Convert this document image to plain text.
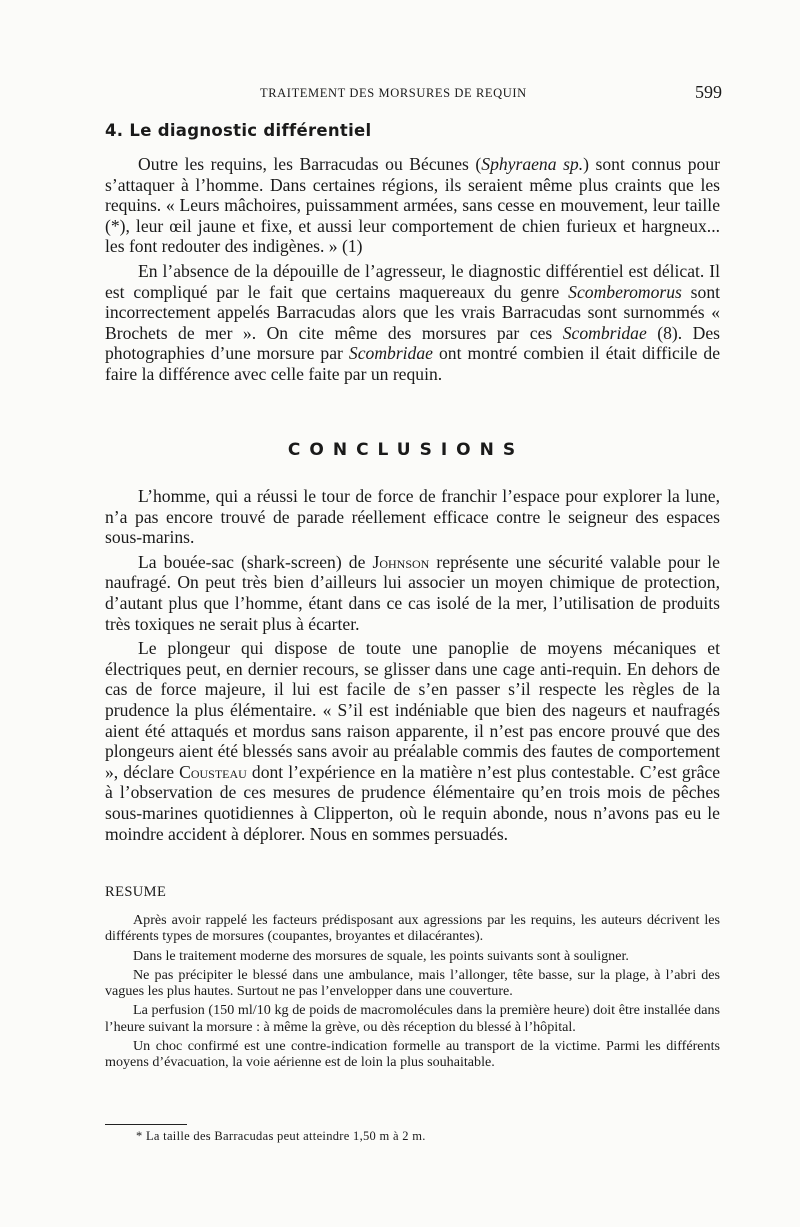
TRAITEMENT DES MORSURES DE REQUIN	599
4. Le diagnostic différentiel

Outre les requins, les Barracudas ou Bécunes (Sphyraena sp.) sont connus pour s’attaquer à l’homme. Dans certaines régions, ils seraient même plus craints que les requins. « Leurs mâchoires, puissamment armées, sans cesse en mouvement, leur taille (*), leur œil jaune et fixe, et aussi leur comportement de chien furieux et hargneux... les font redouter des indigènes. » (1)

En l’absence de la dépouille de l’agresseur, le diagnostic différentiel est délicat. Il est compliqué par le fait que certains maquereaux du genre Scomberomorus sont incorrectement appelés Barracudas alors que les vrais Barracudas sont surnommés « Brochets de mer ». On cite même des morsures par ces Scombridae (8). Des photographies d’une morsure par Scombridae ont montré combien il était difficile de faire la différence avec celle faite par un requin.

CONCLUSIONS

L’homme, qui a réussi le tour de force de franchir l’espace pour explorer la lune, n’a pas encore trouvé de parade réellement efficace contre le seigneur des espaces sous-marins.

La bouée-sac (shark-screen) de Johnson représente une sécurité valable pour le naufragé. On peut très bien d’ailleurs lui associer un moyen chimique de protection, d’autant plus que l’homme, étant dans ce cas isolé de la mer, l’utilisation de produits très toxiques ne serait plus à écarter.

Le plongeur qui dispose de toute une panoplie de moyens mécaniques et électriques peut, en dernier recours, se glisser dans une cage anti-requin. En dehors de cas de force majeure, il lui est facile de s’en passer s’il respecte les règles de la prudence la plus élémentaire. « S’il est indéniable que bien des nageurs et naufragés aient été attaqués et mordus sans raison apparente, il n’est pas encore prouvé que des plongeurs aient été blessés sans avoir au préalable commis des fautes de comportement », déclare Cousteau dont l’expérience en la matière n’est plus contestable. C’est grâce à l’observation de ces mesures de prudence élémentaire qu’en trois mois de pêches sous-marines quotidiennes à Clipperton, où le requin abonde, nous n’avons pas eu le moindre accident à déplorer. Nous en sommes persuadés.

RESUME

Après avoir rappelé les facteurs prédisposant aux agressions par les requins, les auteurs décrivent les différents types de morsures (coupantes, broyantes et dilacérantes).

Dans le traitement moderne des morsures de squale, les points suivants sont à souligner.

Ne pas précipiter le blessé dans une ambulance, mais l’allonger, tête basse, sur la plage, à l’abri des vagues les plus hautes. Surtout ne pas l’envelopper dans une couverture.

La perfusion (150 ml/10 kg de poids de macromolécules dans la première heure) doit être installée dans l’heure suivant la morsure : à même la grève, ou dès réception du blessé à l’hôpital.

Un choc confirmé est une contre-indication formelle au transport de la victime. Parmi les différents moyens d’évacuation, la voie aérienne est de loin la plus souhaitable.

* La taille des Barracudas peut atteindre 1,50 m à 2 m.
